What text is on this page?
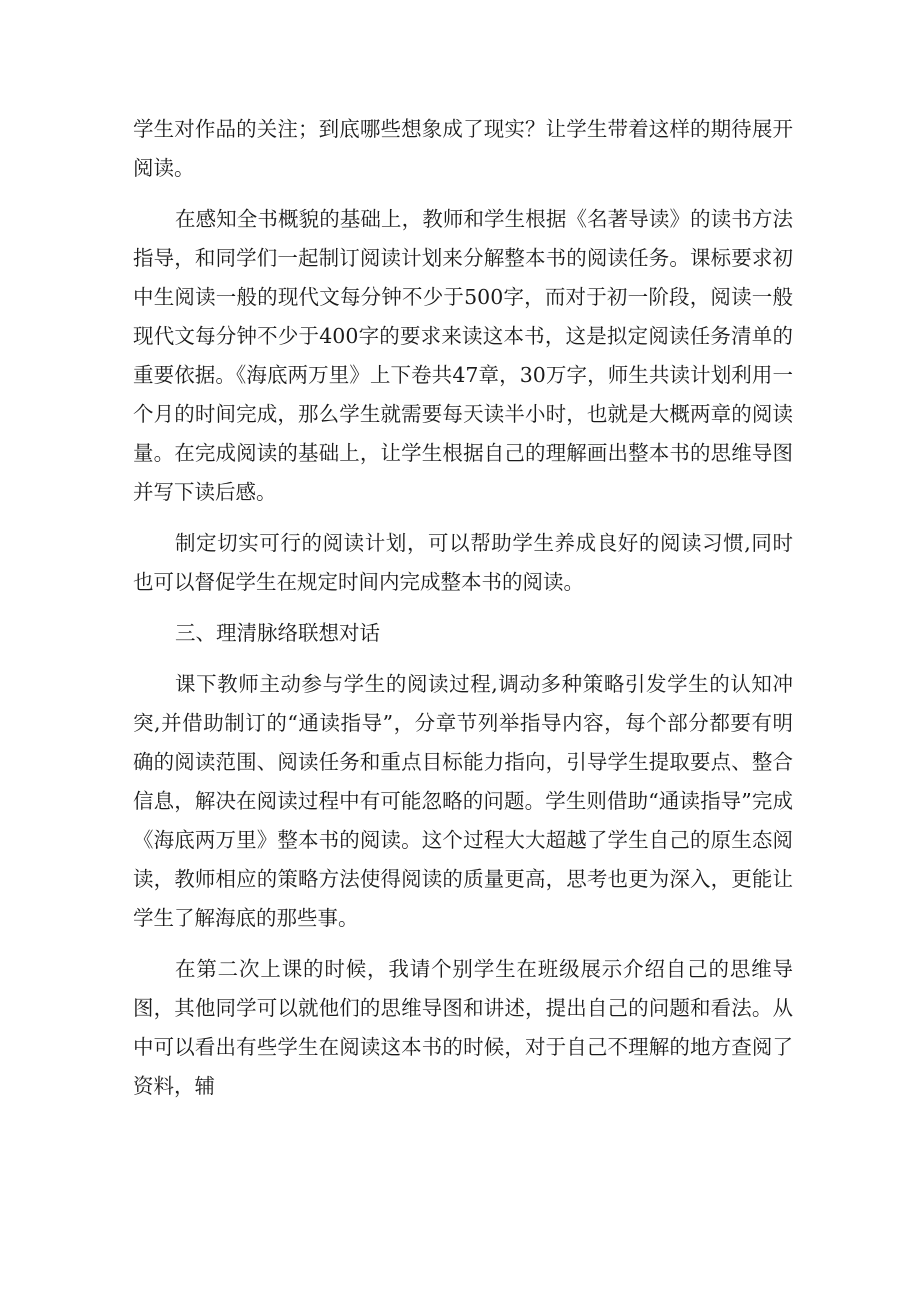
学生对作品的关注；到底哪些想象成了现实？让学生带着这样的期待展开阅读。

在感知全书概貌的基础上，教师和学生根据《名著导读》的读书方法指导，和同学们一起制订阅读计划来分解整本书的阅读任务。课标要求初中生阅读一般的现代文每分钟不少于500字，而对于初一阶段，阅读一般现代文每分钟不少于400字的要求来读这本书，这是拟定阅读任务清单的重要依据。《海底两万里》上下卷共47章，30万字，师生共读计划利用一个月的时间完成，那么学生就需要每天读半小时，也就是大概两章的阅读量。在完成阅读的基础上，让学生根据自己的理解画出整本书的思维导图并写下读后感。

制定切实可行的阅读计划，可以帮助学生养成良好的阅读习惯,同时也可以督促学生在规定时间内完成整本书的阅读。

三、理清脉络联想对话

课下教师主动参与学生的阅读过程,调动多种策略引发学生的认知冲突,并借助制订的“通读指导”，分章节列举指导内容，每个部分都要有明确的阅读范围、阅读任务和重点目标能力指向，引导学生提取要点、整合信息，解决在阅读过程中有可能忽略的问题。学生则借助“通读指导”完成《海底两万里》整本书的阅读。这个过程大大超越了学生自己的原生态阅读，教师相应的策略方法使得阅读的质量更高，思考也更为深入，更能让学生了解海底的那些事。

在第二次上课的时候，我请个别学生在班级展示介绍自己的思维导图，其他同学可以就他们的思维导图和讲述，提出自己的问题和看法。从中可以看出有些学生在阅读这本书的时候，对于自己不理解的地方查阅了资料，辅
